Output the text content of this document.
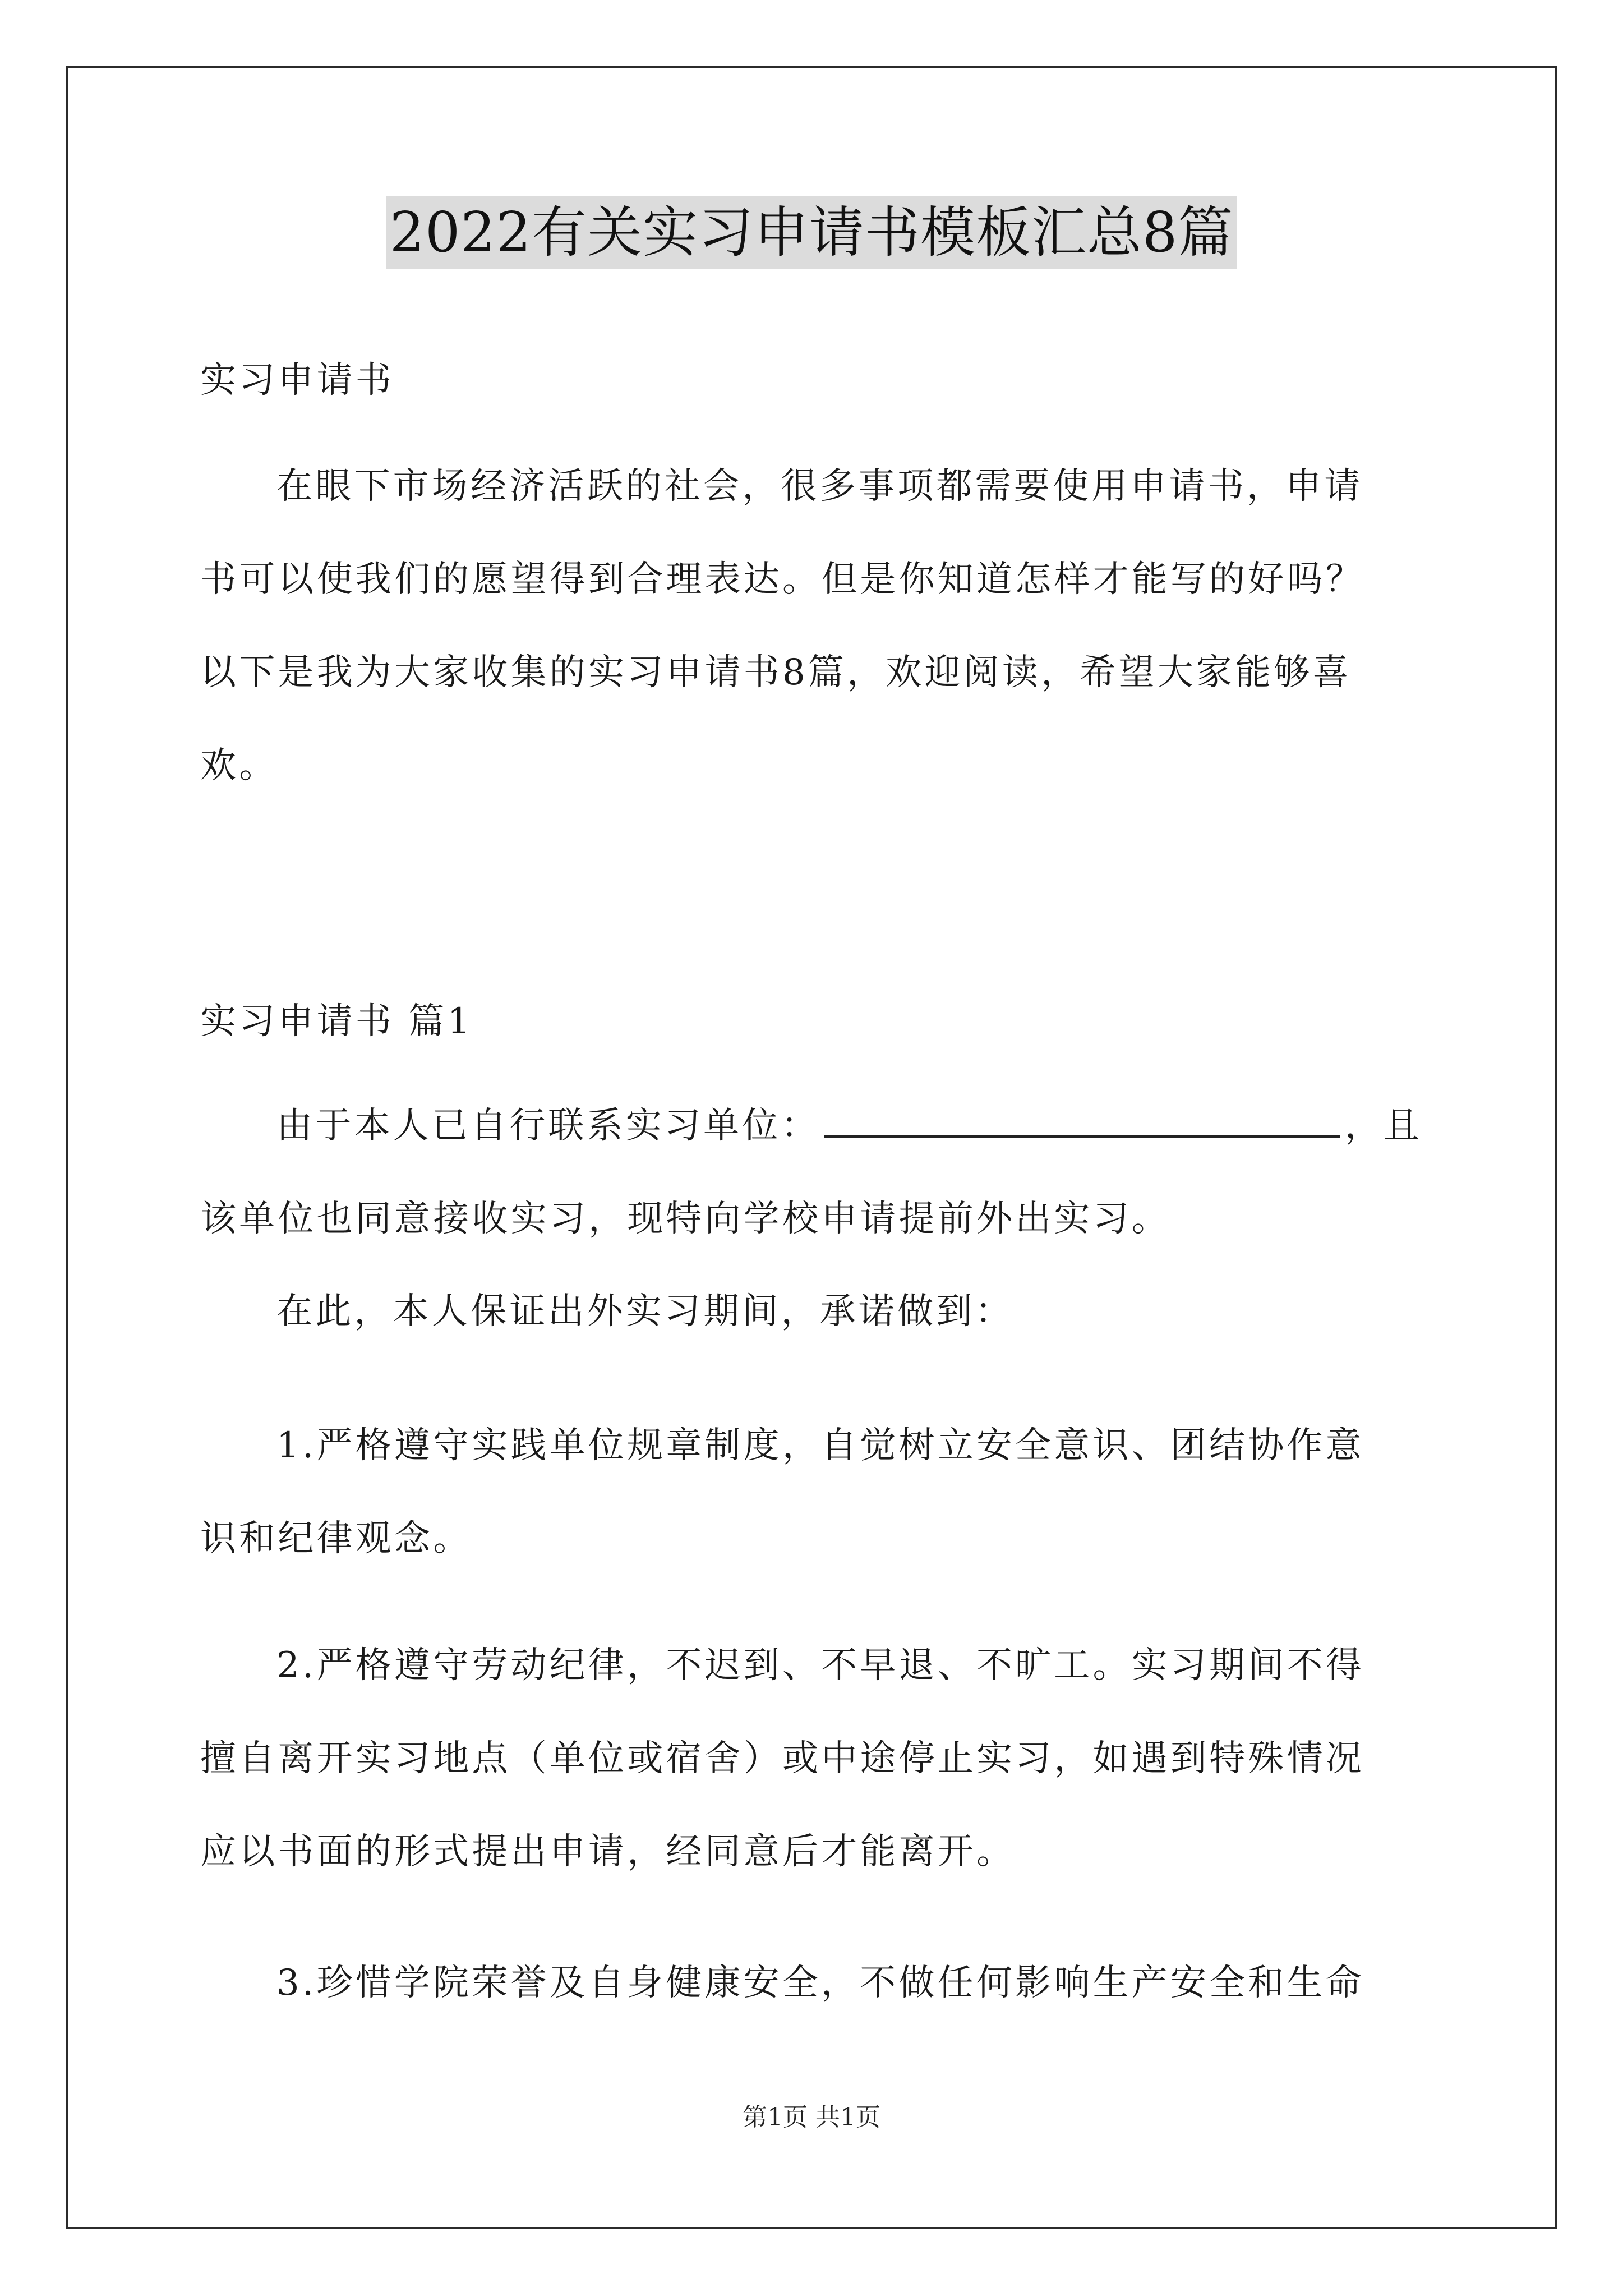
2022有关实习申请书模板汇总8篇
实习申请书
在眼下市场经济活跃的社会，很多事项都需要使用申请书，申请
书可以使我们的愿望得到合理表达。但是你知道怎样才能写的好吗？
以下是我为大家收集的实习申请书8篇，欢迎阅读，希望大家能够喜
欢。
实习申请书 篇1
由于本人已自行联系实习单位：	，且
该单位也同意接收实习，现特向学校申请提前外出实习。
在此，本人保证出外实习期间，承诺做到：
1.严格遵守实践单位规章制度，自觉树立安全意识、团结协作意
识和纪律观念。
2.严格遵守劳动纪律，不迟到、不早退、不旷工。实习期间不得
擅自离开实习地点（单位或宿舍）或中途停止实习，如遇到特殊情况
应以书面的形式提出申请，经同意后才能离开。
3.珍惜学院荣誉及自身健康安全，不做任何影响生产安全和生命
第1页 共1页
